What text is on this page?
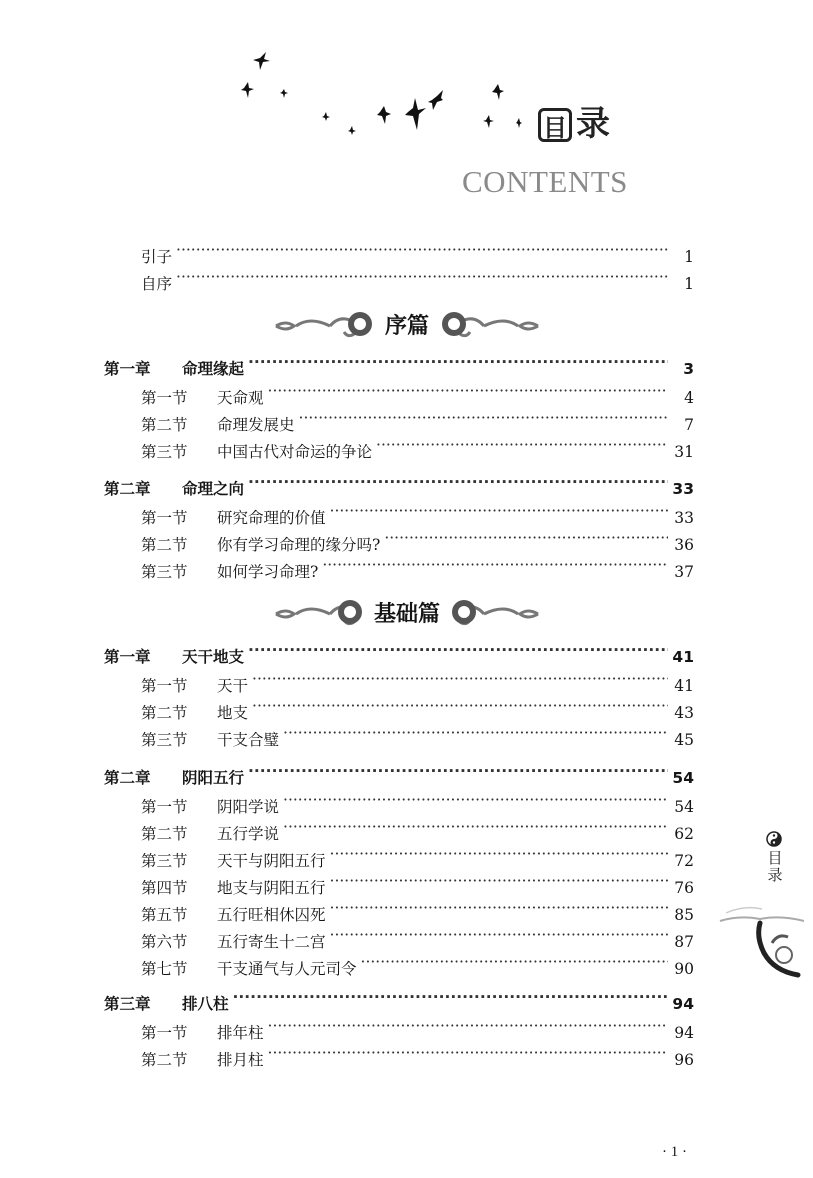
目 录
CONTENTS
引子 ·····	1
自序 ·····	1
序篇
第一章	命理缘起 ·····	3
第一节	天命观 ·····	4
第二节	命理发展史 ·····	7
第三节	中国古代对命运的争论 ·····	31
第二章	命理之向 ·····	33
第一节	研究命理的价值 ·····	33
第二节	你有学习命理的缘分吗? ·····	36
第三节	如何学习命理? ·····	37
基础篇
第一章	天干地支 ·····	41
第一节	天干 ·····	41
第二节	地支 ·····	43
第三节	干支合璧 ·····	45
第二章	阴阳五行 ·····	54
第一节	阴阳学说 ·····	54
第二节	五行学说 ·····	62
第三节	天干与阴阳五行 ·····	72
第四节	地支与阴阳五行 ·····	76
第五节	五行旺相休囚死 ·····	85
第六节	五行寄生十二宫 ·····	87
第七节	干支通气与人元司令 ·····	90
第三章	排八柱 ·····	94
第一节	排年柱 ·····	94
第二节	排月柱 ·····	96
目录
· 1 ·
